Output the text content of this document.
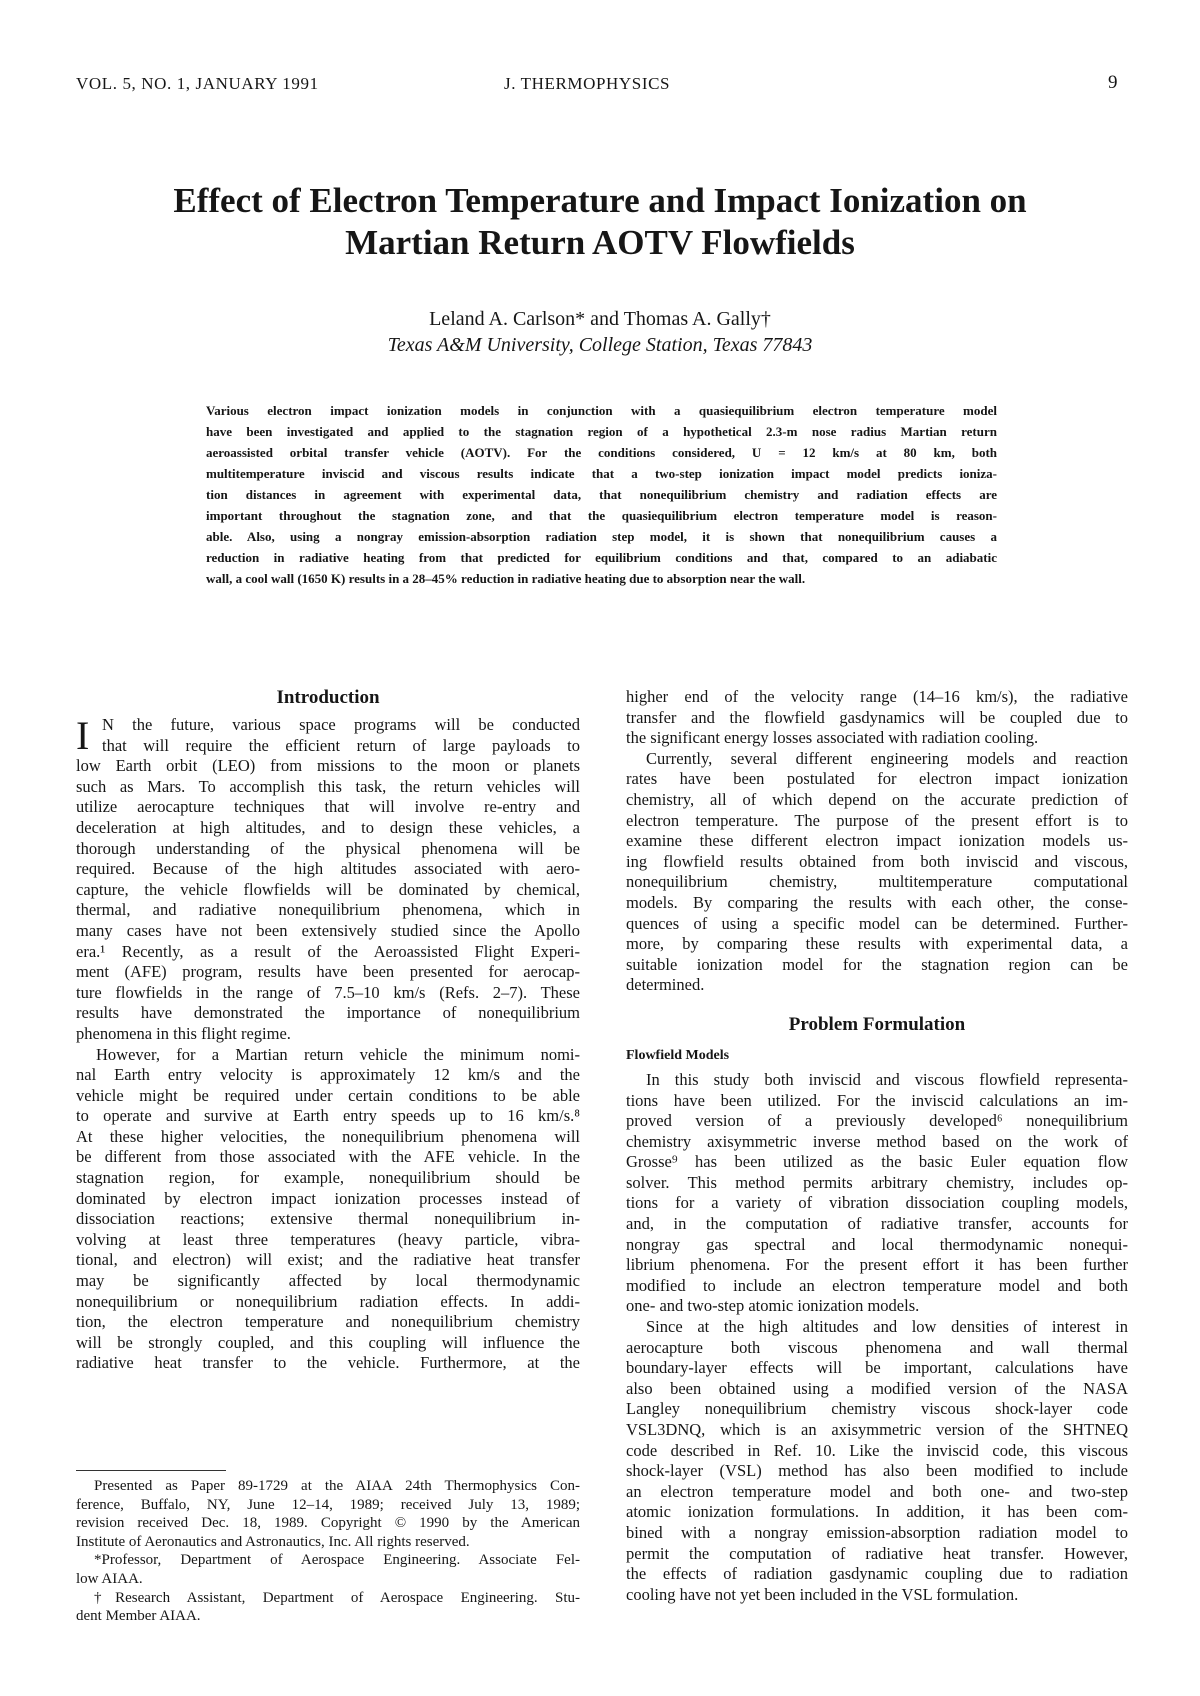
VOL. 5, NO. 1, JANUARY 1991	J. THERMOPHYSICS	9
Effect of Electron Temperature and Impact Ionization on
Martian Return AOTV Flowfields
Leland A. Carlson* and Thomas A. Gally†
Texas A&M University, College Station, Texas 77843
Various electron impact ionization models in conjunction with a quasiequilibrium electron temperature model
have been investigated and applied to the stagnation region of a hypothetical 2.3-m nose radius Martian return
aeroassisted orbital transfer vehicle (AOTV). For the conditions considered, U = 12 km/s at 80 km, both
multitemperature inviscid and viscous results indicate that a two-step ionization impact model predicts ioniza-
tion distances in agreement with experimental data, that nonequilibrium chemistry and radiation effects are
important throughout the stagnation zone, and that the quasiequilibrium electron temperature model is reason-
able. Also, using a nongray emission-absorption radiation step model, it is shown that nonequilibrium causes a
reduction in radiative heating from that predicted for equilibrium conditions and that, compared to an adiabatic
wall, a cool wall (1650 K) results in a 28–45% reduction in radiative heating due to absorption near the wall.
Introduction
I N the future, various space programs will be conducted
that will require the efficient return of large payloads to
low Earth orbit (LEO) from missions to the moon or planets
such as Mars. To accomplish this task, the return vehicles will
utilize aerocapture techniques that will involve re-entry and
deceleration at high altitudes, and to design these vehicles, a
thorough understanding of the physical phenomena will be
required. Because of the high altitudes associated with aero-
capture, the vehicle flowfields will be dominated by chemical,
thermal, and radiative nonequilibrium phenomena, which in
many cases have not been extensively studied since the Apollo
era.¹ Recently, as a result of the Aeroassisted Flight Experi-
ment (AFE) program, results have been presented for aerocap-
ture flowfields in the range of 7.5–10 km/s (Refs. 2–7). These
results have demonstrated the importance of nonequilibrium
phenomena in this flight regime.
However, for a Martian return vehicle the minimum nomi-
nal Earth entry velocity is approximately 12 km/s and the
vehicle might be required under certain conditions to be able
to operate and survive at Earth entry speeds up to 16 km/s.⁸
At these higher velocities, the nonequilibrium phenomena will
be different from those associated with the AFE vehicle. In the
stagnation region, for example, nonequilibrium should be
dominated by electron impact ionization processes instead of
dissociation reactions; extensive thermal nonequilibrium in-
volving at least three temperatures (heavy particle, vibra-
tional, and electron) will exist; and the radiative heat transfer
may be significantly affected by local thermodynamic
nonequilibrium or nonequilibrium radiation effects. In addi-
tion, the electron temperature and nonequilibrium chemistry
will be strongly coupled, and this coupling will influence the
radiative heat transfer to the vehicle. Furthermore, at the
Presented as Paper 89-1729 at the AIAA 24th Thermophysics Con-
ference, Buffalo, NY, June 12–14, 1989; received July 13, 1989;
revision received Dec. 18, 1989. Copyright © 1990 by the American
Institute of Aeronautics and Astronautics, Inc. All rights reserved.
*Professor, Department of Aerospace Engineering. Associate Fel-
low AIAA.
†Research Assistant, Department of Aerospace Engineering. Stu-
dent Member AIAA.
higher end of the velocity range (14–16 km/s), the radiative
transfer and the flowfield gasdynamics will be coupled due to
the significant energy losses associated with radiation cooling.
Currently, several different engineering models and reaction
rates have been postulated for electron impact ionization
chemistry, all of which depend on the accurate prediction of
electron temperature. The purpose of the present effort is to
examine these different electron impact ionization models us-
ing flowfield results obtained from both inviscid and viscous,
nonequilibrium chemistry, multitemperature computational
models. By comparing the results with each other, the conse-
quences of using a specific model can be determined. Further-
more, by comparing these results with experimental data, a
suitable ionization model for the stagnation region can be
determined.
Problem Formulation
Flowfield Models
In this study both inviscid and viscous flowfield representa-
tions have been utilized. For the inviscid calculations an im-
proved version of a previously developed⁶ nonequilibrium
chemistry axisymmetric inverse method based on the work of
Grosse⁹ has been utilized as the basic Euler equation flow
solver. This method permits arbitrary chemistry, includes op-
tions for a variety of vibration dissociation coupling models,
and, in the computation of radiative transfer, accounts for
nongray gas spectral and local thermodynamic nonequi-
librium phenomena. For the present effort it has been further
modified to include an electron temperature model and both
one- and two-step atomic ionization models.
Since at the high altitudes and low densities of interest in
aerocapture both viscous phenomena and wall thermal
boundary-layer effects will be important, calculations have
also been obtained using a modified version of the NASA
Langley nonequilibrium chemistry viscous shock-layer code
VSL3DNQ, which is an axisymmetric version of the SHTNEQ
code described in Ref. 10. Like the inviscid code, this viscous
shock-layer (VSL) method has also been modified to include
an electron temperature model and both one- and two-step
atomic ionization formulations. In addition, it has been com-
bined with a nongray emission-absorption radiation model to
permit the computation of radiative heat transfer. However,
the effects of radiation gasdynamic coupling due to radiation
cooling have not yet been included in the VSL formulation.
